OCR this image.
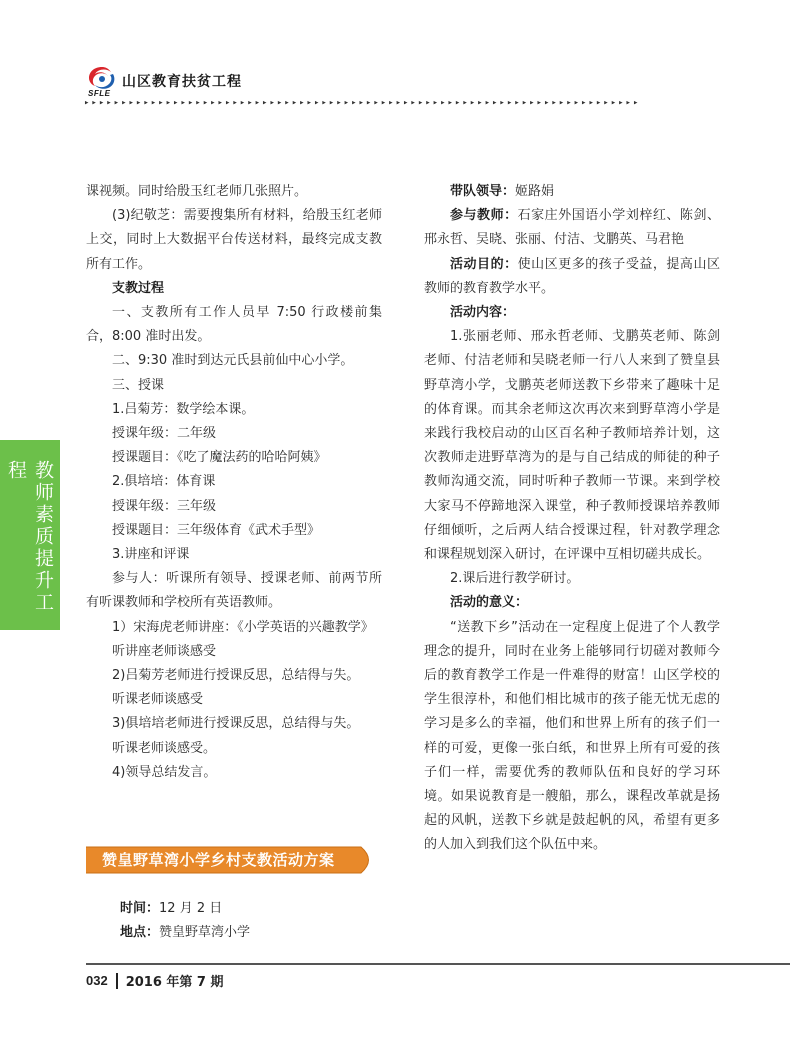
SFLE
山区教育扶贫工程
▸▸▸▸▸▸▸▸▸▸▸▸▸▸▸▸▸▸▸▸▸▸▸▸▸▸▸▸▸▸▸▸▸▸▸▸▸▸▸▸▸▸▸▸▸▸▸▸▸▸▸▸▸▸▸▸▸▸▸▸▸▸▸▸▸▸▸▸▸▸▸▸▸▸▸
教师素质提升工程
课视频。同时给殷玉红老师几张照片。
(3)纪敬芝：需要搜集所有材料，给殷玉红老师上交，同时上大数据平台传送材料，最终完成支教所有工作。
支教过程
一、支教所有工作人员早 7:50 行政楼前集合，8:00 准时出发。
二、9:30 准时到达元氏县前仙中心小学。
三、授课
1.吕菊芳：数学绘本课。
授课年级：二年级
授课题目：《吃了魔法药的哈哈阿姨》
2.俱培培：体育课
授课年级：三年级
授课题目：三年级体育《武术手型》
3.讲座和评课
参与人：听课所有领导、授课老师、前两节所有听课教师和学校所有英语教师。
1）宋海虎老师讲座：《小学英语的兴趣教学》
听讲座老师谈感受
2)吕菊芳老师进行授课反思，总结得与失。
听课老师谈感受
3)俱培培老师进行授课反思，总结得与失。
听课老师谈感受。
4)领导总结发言。
赞皇野草湾小学乡村支教活动方案
时间：12 月 2 日
地点：赞皇野草湾小学
带队领导：姬路娟
参与教师：石家庄外国语小学刘梓红、陈剑、邢永哲、吴晓、张丽、付洁、戈鹏英、马君艳
活动目的：使山区更多的孩子受益，提高山区教师的教育教学水平。
活动内容：
1.张丽老师、邢永哲老师、戈鹏英老师、陈剑老师、付洁老师和吴晓老师一行八人来到了赞皇县野草湾小学，戈鹏英老师送教下乡带来了趣味十足的体育课。而其余老师这次再次来到野草湾小学是来践行我校启动的山区百名种子教师培养计划，这次教师走进野草湾为的是与自己结成的师徒的种子教师沟通交流，同时听种子教师一节课。来到学校大家马不停蹄地深入课堂，种子教师授课培养教师仔细倾听，之后两人结合授课过程，针对教学理念和课程规划深入研讨，在评课中互相切磋共成长。
2.课后进行教学研讨。
活动的意义：
“送教下乡”活动在一定程度上促进了个人教学理念的提升，同时在业务上能够同行切磋对教师今后的教育教学工作是一件难得的财富！山区学校的学生很淳朴，和他们相比城市的孩子能无忧无虑的学习是多么的幸福，他们和世界上所有的孩子们一样的可爱，更像一张白纸，和世界上所有可爱的孩子们一样，需要优秀的教师队伍和良好的学习环境。如果说教育是一艘船，那么，课程改革就是扬起的风帆，送教下乡就是鼓起帆的风，希望有更多的人加入到我们这个队伍中来。
032 2016 年第 7 期
